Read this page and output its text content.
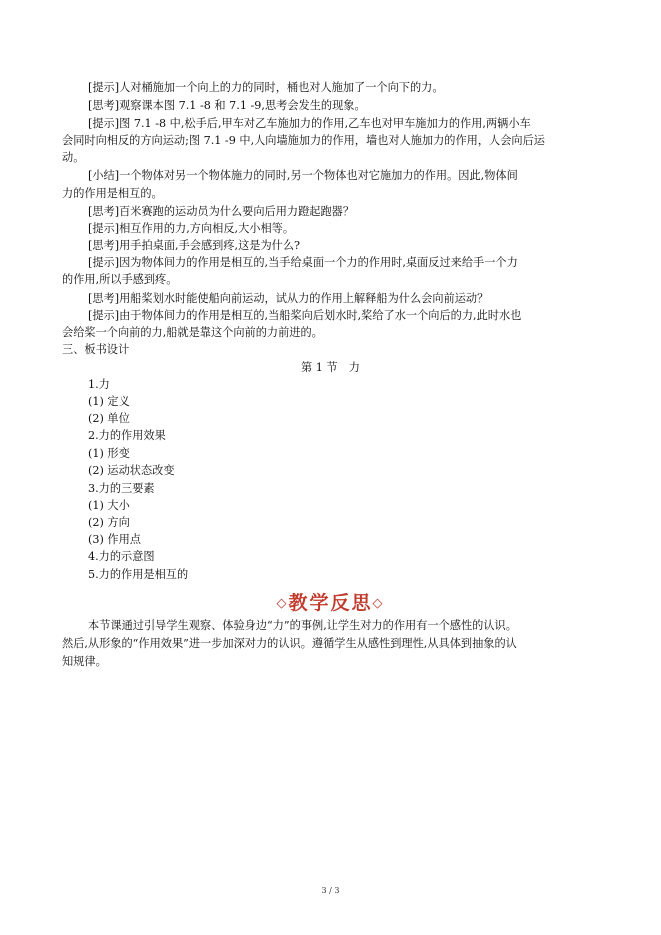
[提示]人对桶施加一个向上的力的同时，桶也对人施加了一个向下的力。
[思考]观察课本图 7.1 -8 和 7.1 -9,思考会发生的现象。
[提示]图 7.1 -8 中,松手后,甲车对乙车施加力的作用,乙车也对甲车施加力的作用,两辆小车
会同时向相反的方向运动;图 7.1 -9 中,人向墙施加力的作用，墙也对人施加力的作用，人会向后运
动。
[小结]一个物体对另一个物体施力的同时,另一个物体也对它施加力的作用。因此,物体间
力的作用是相互的。
[思考]百米赛跑的运动员为什么要向后用力蹬起跑器？
[提示]相互作用的力,方向相反,大小相等。
[思考]用手拍桌面,手会感到疼,这是为什么?
[提示]因为物体间力的作用是相互的,当手给桌面一个力的作用时,桌面反过来给手一个力
的作用,所以手感到疼。
[思考]用船桨划水时能使船向前运动，试从力的作用上解释船为什么会向前运动？
[提示]由于物体间力的作用是相互的,当船桨向后划水时,桨给了水一个向后的力,此时水也
会给桨一个向前的力,船就是靠这个向前的力前进的。
三、板书设计
第 1 节　力
1.力
(1) 定义
(2) 单位
2.力的作用效果
(1) 形变
(2) 运动状态改变
3.力的三要素
(1) 大小
(2) 方向
(3) 作用点
4.力的示意图
5.力的作用是相互的
◇教学反思◇
本节课通过引导学生观察、体验身边“力”的事例,让学生对力的作用有一个感性的认识。
然后,从形象的“作用效果”进一步加深对力的认识。遵循学生从感性到理性,从具体到抽象的认
知规律。
3 / 3
